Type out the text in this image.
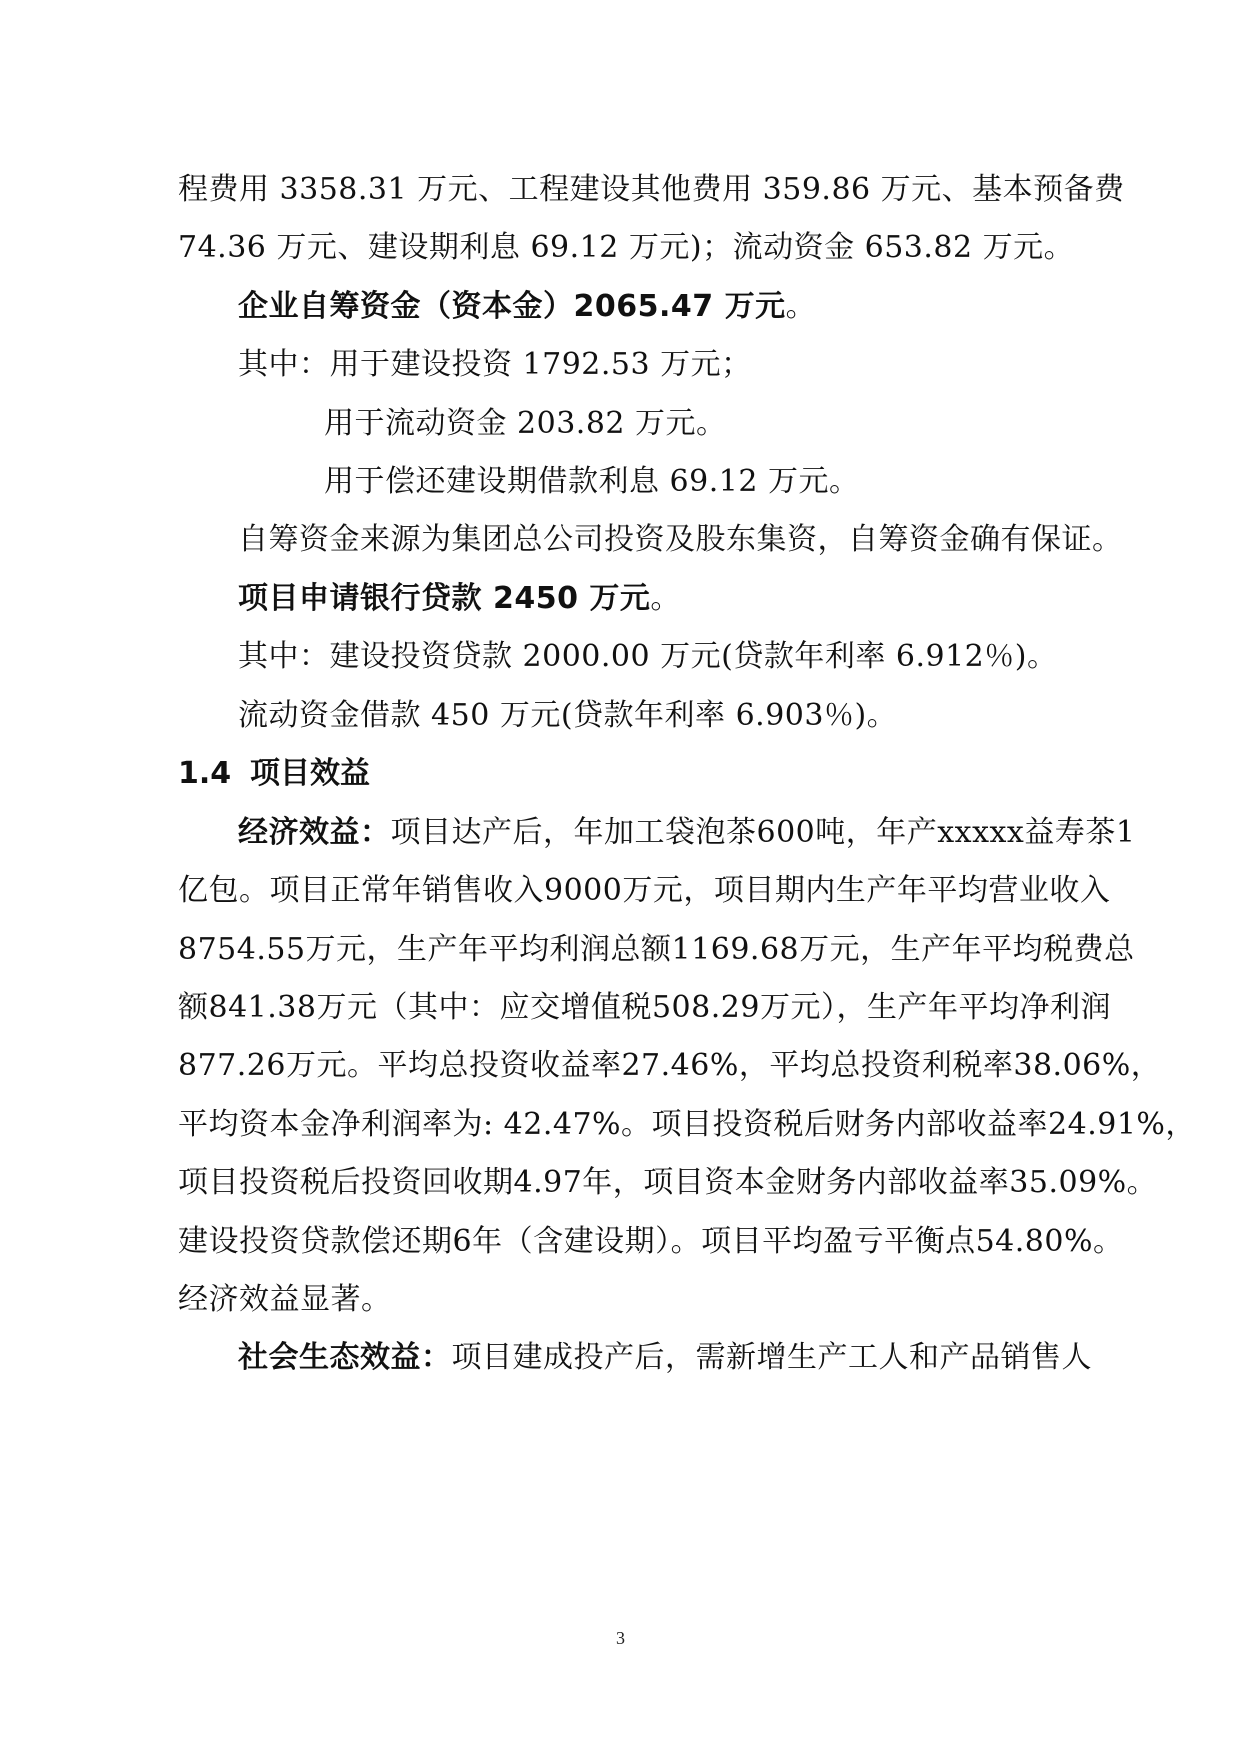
程费用 3358.31 万元、工程建设其他费用 359.86 万元、基本预备费
74.36 万元、建设期利息 69.12 万元)；流动资金 653.82 万元。
企业自筹资金（资本金）2065.47 万元。
其中：用于建设投资 1792.53 万元；
用于流动资金 203.82 万元。
用于偿还建设期借款利息 69.12 万元。
自筹资金来源为集团总公司投资及股东集资，自筹资金确有保证。
项目申请银行贷款 2450 万元。
其中：建设投资贷款 2000.00 万元(贷款年利率 6.912％)。
流动资金借款 450 万元(贷款年利率 6.903％)。
1.4 项目效益
经济效益：项目达产后，年加工袋泡茶600吨，年产xxxxx益寿茶1
亿包。项目正常年销售收入9000万元，项目期内生产年平均营业收入
8754.55万元，生产年平均利润总额1169.68万元，生产年平均税费总
额841.38万元（其中：应交增值税508.29万元），生产年平均净利润
877.26万元。平均总投资收益率27.46%，平均总投资利税率38.06%，
平均资本金净利润率为: 42.47%。项目投资税后财务内部收益率24.91%，
项目投资税后投资回收期4.97年，项目资本金财务内部收益率35.09%。
建设投资贷款偿还期6年（含建设期）。项目平均盈亏平衡点54.80%。
经济效益显著。
社会生态效益：项目建成投产后，需新增生产工人和产品销售人
3
